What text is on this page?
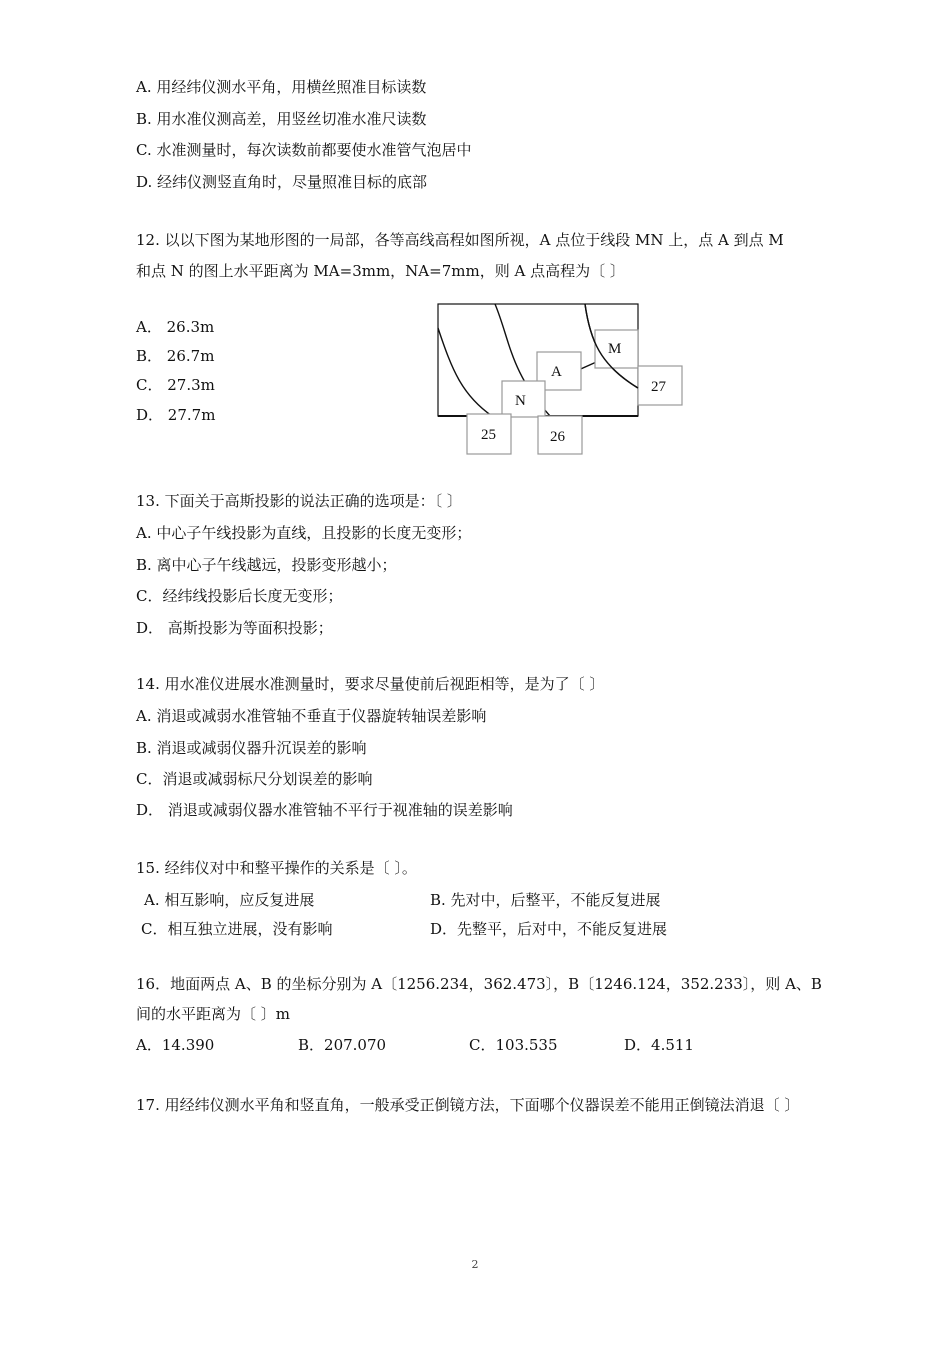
A. 用经纬仪测水平角，用横丝照准目标读数
B. 用水准仪测高差，用竖丝切准水准尺读数
C. 水准测量时，每次读数前都要使水准管气泡居中
D. 经纬仪测竖直角时，尽量照准目标的底部
12. 以以下图为某地形图的一局部，各等高线高程如图所视，A 点位于线段 MN 上，点 A 到点 M
和点 N 的图上水平距离为 MA=3mm，NA=7mm，则 A 点高程为〔 〕
A． 26.3m
B． 26.7m
C． 27.3m
D． 27.7m
M
A
N
27
25	26
13. 下面关于高斯投影的说法正确的选项是：〔 〕
A. 中心子午线投影为直线，且投影的长度无变形；
B. 离中心子午线越远，投影变形越小；
C．经纬线投影后长度无变形；
D． 高斯投影为等面积投影；
14. 用水准仪进展水准测量时，要求尽量使前后视距相等，是为了〔 〕
A. 消退或减弱水准管轴不垂直于仪器旋转轴误差影响
B. 消退或减弱仪器升沉误差的影响
C．消退或减弱标尺分划误差的影响
D． 消退或减弱仪器水准管轴不平行于视准轴的误差影响
15. 经纬仪对中和整平操作的关系是〔 〕。
A. 相互影响，应反复进展	B. 先对中，后整平，不能反复进展
C．相互独立进展，没有影响	D．先整平，后对中，不能反复进展
16．地面两点 A、B 的坐标分别为 A〔1256.234，362.473〕，B〔1246.124，352.233〕，则 A、B
间的水平距离为〔 〕m
A．14.390	B．207.070	C．103.535	D．4.511
17. 用经纬仪测水平角和竖直角，一般承受正倒镜方法，下面哪个仪器误差不能用正倒镜法消退〔 〕
2
